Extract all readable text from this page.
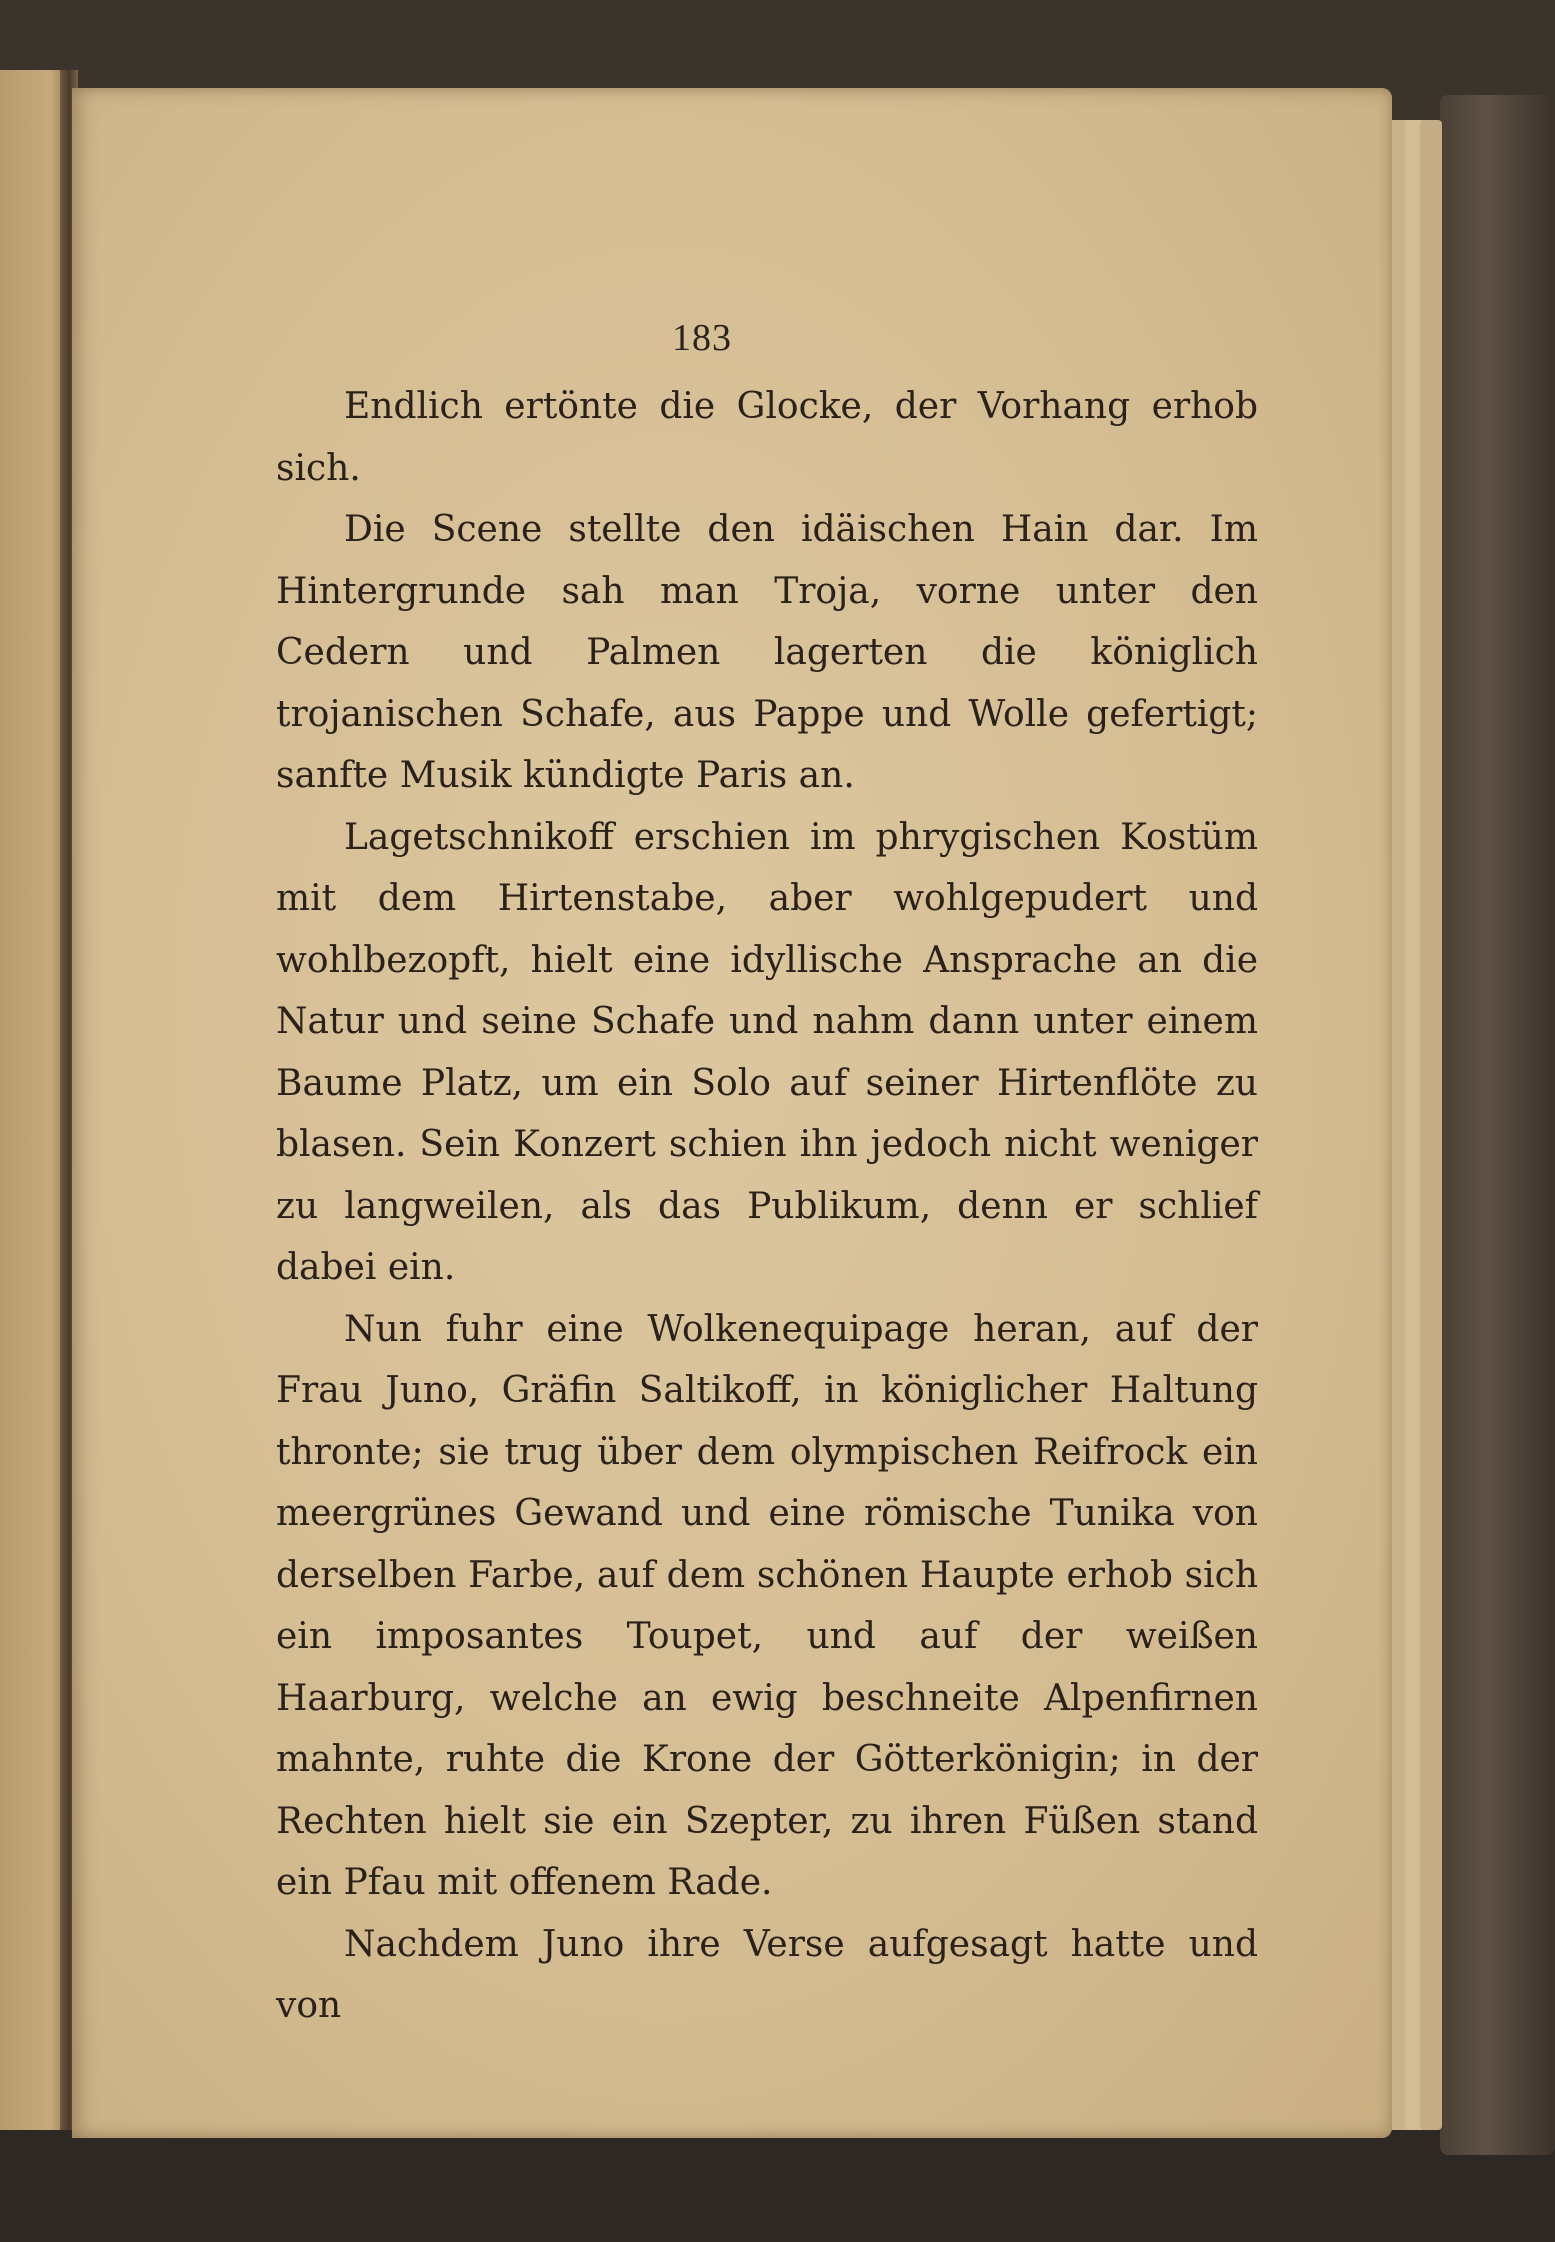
183

Endlich ertönte die Glocke, der Vorhang erhob sich.

Die Scene stellte den idäischen Hain dar. Im Hintergrunde sah man Troja, vorne unter den Cedern und Palmen lagerten die königlich trojanischen Schafe, aus Pappe und Wolle gefertigt; sanfte Musik kündigte Paris an.

Lagetschnikoff erschien im phrygischen Kostüm mit dem Hirtenstabe, aber wohlgepudert und wohlbezopft, hielt eine idyllische Ansprache an die Natur und seine Schafe und nahm dann unter einem Baume Platz, um ein Solo auf seiner Hirtenflöte zu blasen. Sein Konzert schien ihn jedoch nicht weniger zu langweilen, als das Publikum, denn er schlief dabei ein.

Nun fuhr eine Wolkenequipage heran, auf der Frau Juno, Gräfin Saltikoff, in königlicher Haltung thronte; sie trug über dem olympischen Reifrock ein meergrünes Gewand und eine römische Tunika von derselben Farbe, auf dem schönen Haupte erhob sich ein imposantes Toupet, und auf der weißen Haarburg, welche an ewig beschneite Alpenfirnen mahnte, ruhte die Krone der Götterkönigin; in der Rechten hielt sie ein Szepter, zu ihren Füßen stand ein Pfau mit offenem Rade.

Nachdem Juno ihre Verse aufgesagt hatte und von
